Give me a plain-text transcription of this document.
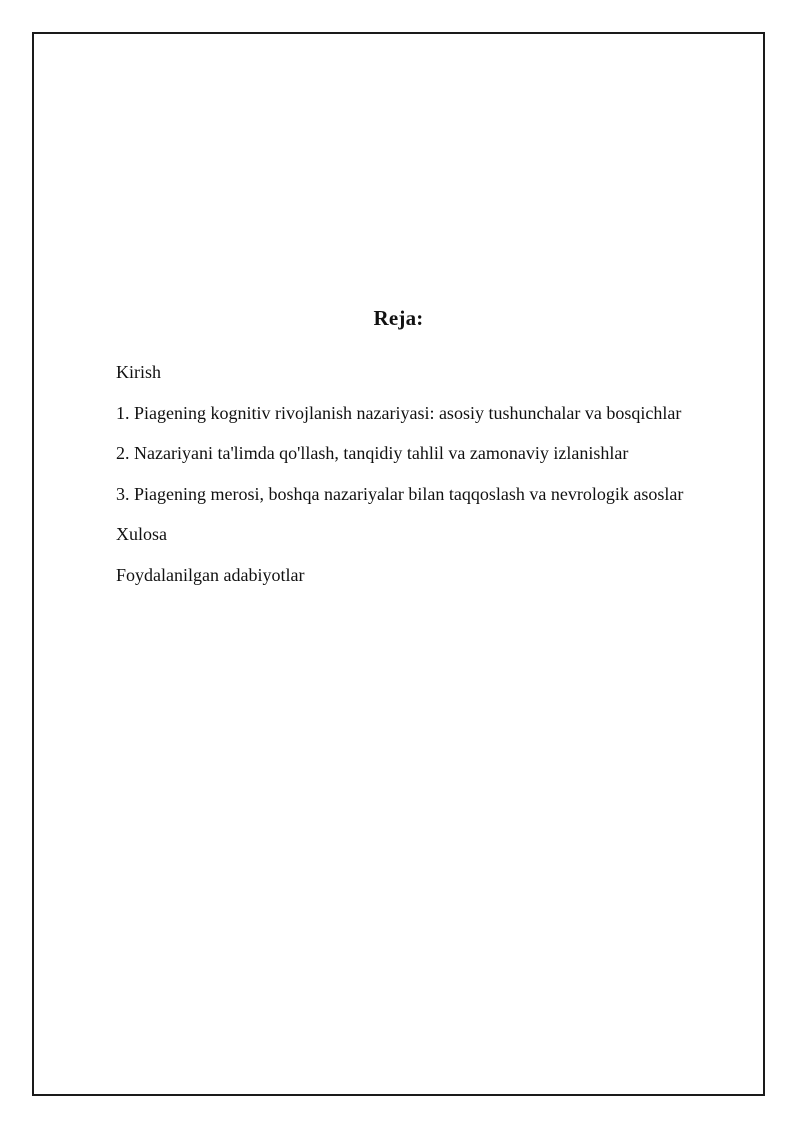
Reja:
Kirish
1. Piagening kognitiv rivojlanish nazariyasi: asosiy tushunchalar va bosqichlar
2. Nazariyani ta'limda qo'llash, tanqidiy tahlil va zamonaviy izlanishlar
3. Piagening merosi, boshqa nazariyalar bilan taqqoslash va nevrologik asoslar
Xulosa
Foydalanilgan adabiyotlar
